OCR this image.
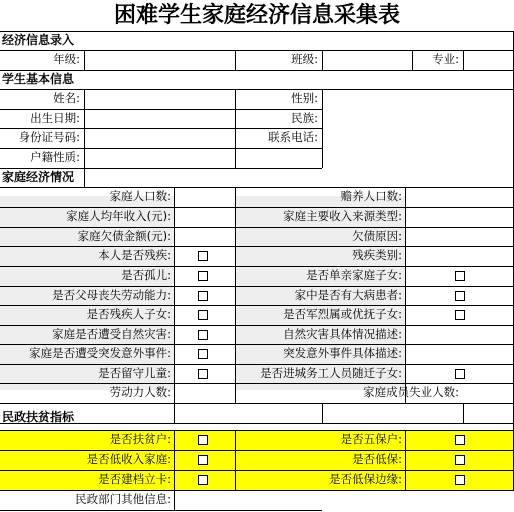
困难学生家庭经济信息采集表
经济信息录入
年级:	班级:	专业:
学生基本信息
姓名:	性别:
出生日期:	民族:
身份证号码:	联系电话:
户籍性质:
家庭经济情况
家庭人口数:	赡养人口数:
家庭人均年收入(元):	家庭主要收入来源类型:
家庭欠债金额(元):	欠债原因:
本人是否残疾:	残疾类别:
是否孤儿:	是否单亲家庭子女:
是否父母丧失劳动能力:	家中是否有大病患者:
是否残疾人子女:	是否军烈属或优抚子女:
家庭是否遭受自然灾害:	自然灾害具体情况描述:
家庭是否遭受突发意外事件:	突发意外事件具体描述:
是否留守儿童:	是否进城务工人员随迁子女:
劳动力人数:	家庭成员失业人数:
民政扶贫指标
是否扶贫户:	是否五保户:
是否低收入家庭:	是否低保:
是否建档立卡:	是否低保边缘:
民政部门其他信息:
